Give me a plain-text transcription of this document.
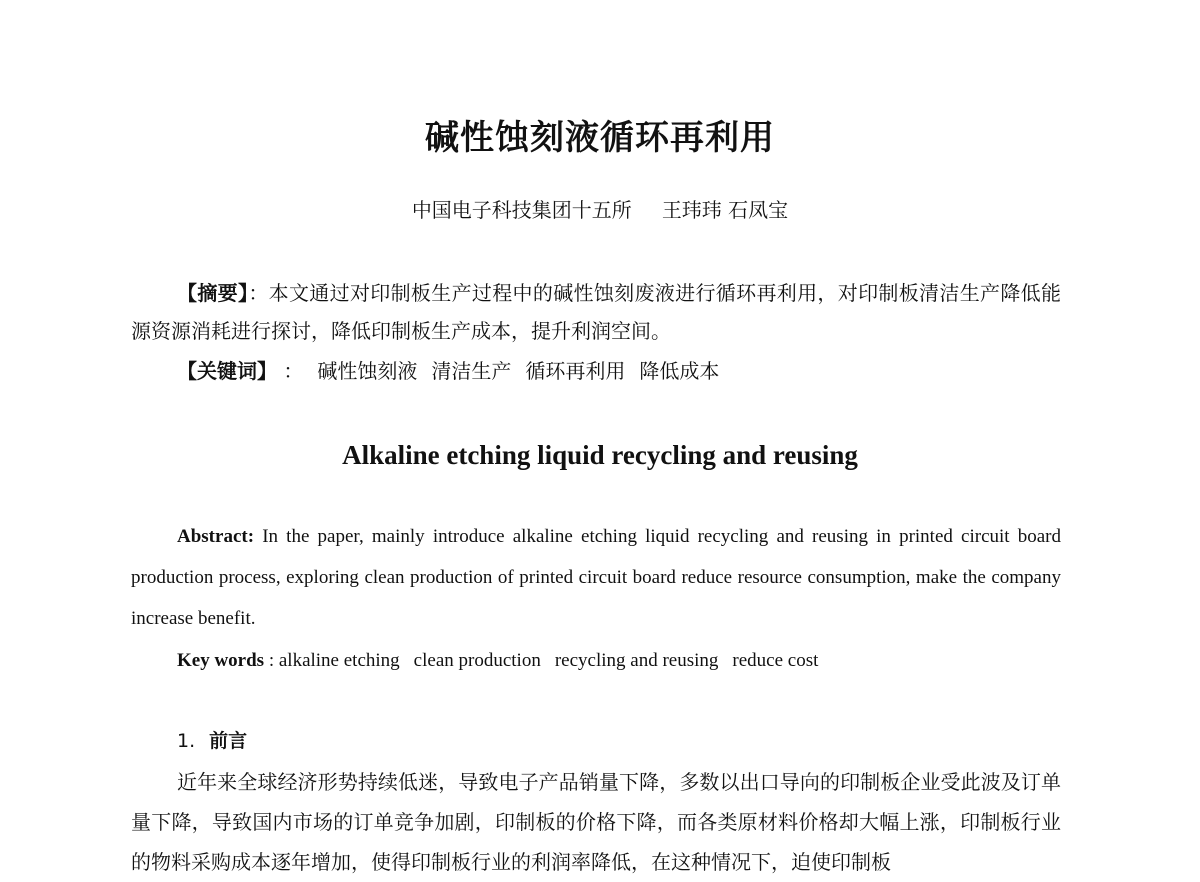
碱性蚀刻液循环再利用
中国电子科技集团十五所 王玮玮 石凤宝
【摘要】：本文通过对印制板生产过程中的碱性蚀刻废液进行循环再利用，对印制板清洁生产降低能源资源消耗进行探讨，降低印制板生产成本，提升利润空间。
【关键词】 ： 碱性蚀刻液 清洁生产 循环再利用 降低成本
Alkaline etching liquid recycling and reusing
Abstract: In the paper, mainly introduce alkaline etching liquid recycling and reusing in printed circuit board production process, exploring clean production of printed circuit board reduce resource consumption, make the company increase benefit.
Key words : alkaline etching clean production recycling and reusing reduce cost
1. 前言
近年来全球经济形势持续低迷，导致电子产品销量下降，多数以出口导向的印制板企业受此波及订单量下降，导致国内市场的订单竞争加剧，印制板的价格下降，而各类原材料价格却大幅上涨，印制板行业的物料采购成本逐年增加，使得印制板行业的利润率降低，在这种情况下，迫使印制板
